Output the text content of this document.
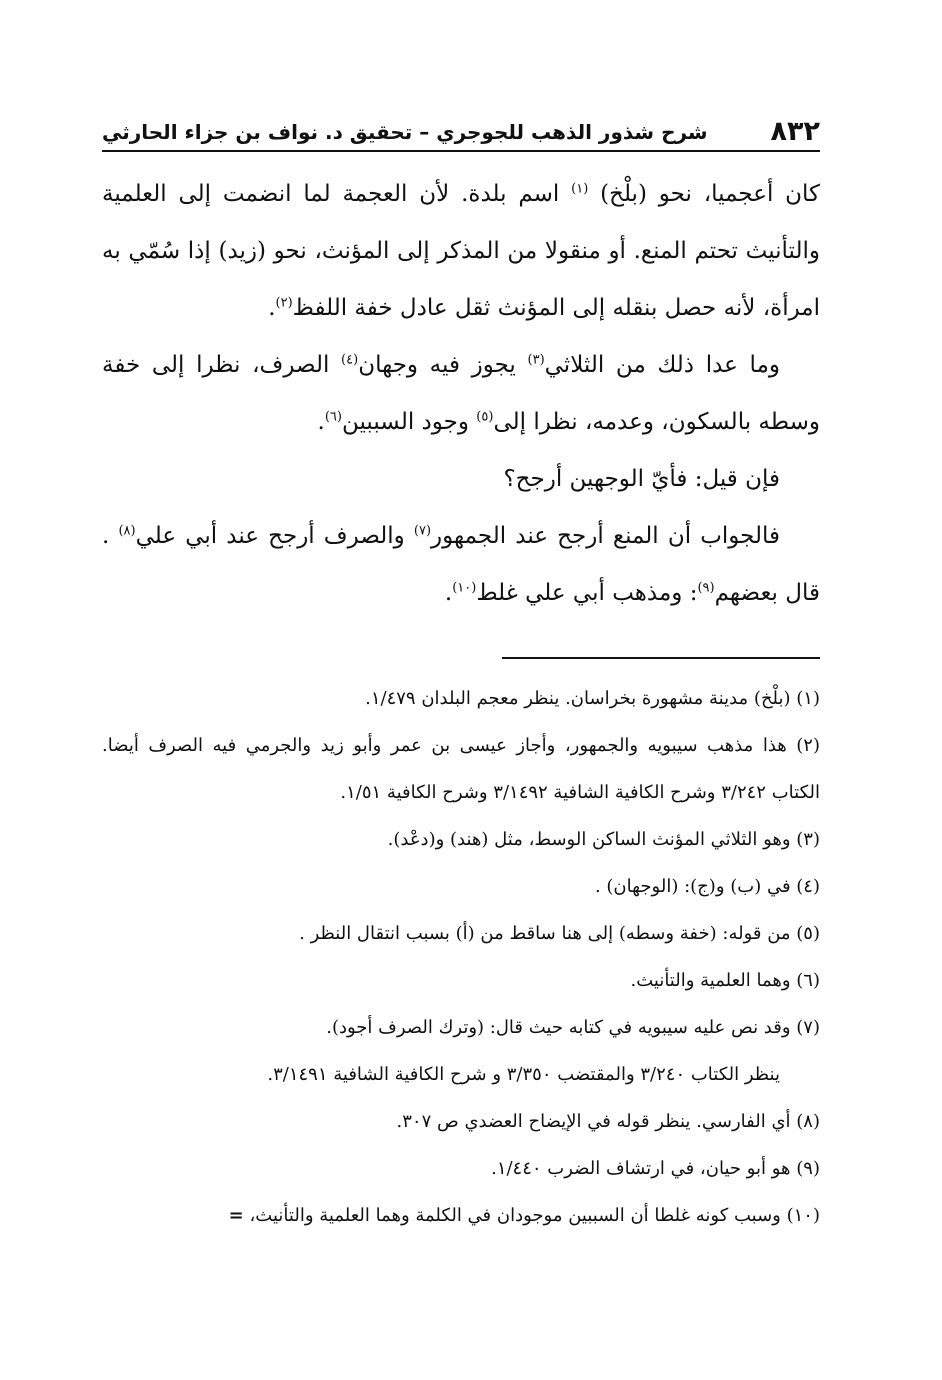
٨٣٢
شرح شذور الذهب للجوجري – تحقيق د. نواف بن جزاء الحارثي

كان أعجميا، نحو (بلْخ) $^{(١)}$ اسم بلدة. لأن العجمة لما انضمت إلى العلمية والتأنيث تحتم المنع. أو منقولا من المذكر إلى المؤنث، نحو (زيد) إذا سُمّي به امرأة، لأنه حصل بنقله إلى المؤنث ثقل عادل خفة اللفظ$^{(٢)}$.

وما عدا ذلك من الثلاثي$^{(٣)}$ يجوز فيه وجهان$^{(٤)}$ الصرف، نظرا إلى خفة وسطه بالسكون، وعدمه، نظرا إلى$^{(٥)}$ وجود السببين$^{(٦)}$.

فإن قيل: فأيّ الوجهين أرجح؟

فالجواب أن المنع أرجح عند الجمهور$^{(٧)}$ والصرف أرجح عند أبي علي$^{(٨)}$ . قال بعضهم$^{(٩)}$: ومذهب أبي علي غلط$^{(١٠)}$.

(١) (بلْخ) مدينة مشهورة بخراسان. ينظر معجم البلدان ١/٤٧٩.

(٢) هذا مذهب سيبويه والجمهور، وأجاز عيسى بن عمر وأبو زيد والجرمي فيه الصرف أيضا. الكتاب ٣/٢٤٢ وشرح الكافية الشافية ٣/١٤٩٢ وشرح الكافية ١/٥١.

(٣) وهو الثلاثي المؤنث الساكن الوسط، مثل (هند) و(دعْد).

(٤) في (ب) و(ج): (الوجهان) .

(٥) من قوله: (خفة وسطه) إلى هنا ساقط من (أ) بسبب انتقال النظر .

(٦) وهما العلمية والتأنيث.

(٧) وقد نص عليه سيبويه في كتابه حيث قال: (وترك الصرف أجود).

ينظر الكتاب ٣/٢٤٠ والمقتضب ٣/٣٥٠ و شرح الكافية الشافية ٣/١٤٩١.

(٨) أي الفارسي. ينظر قوله في الإيضاح العضدي ص ٣٠٧.

(٩) هو أبو حيان، في ارتشاف الضرب ١/٤٤٠.

(١٠) وسبب كونه غلطا أن السببين موجودان في الكلمة وهما العلمية والتأنيث، =
